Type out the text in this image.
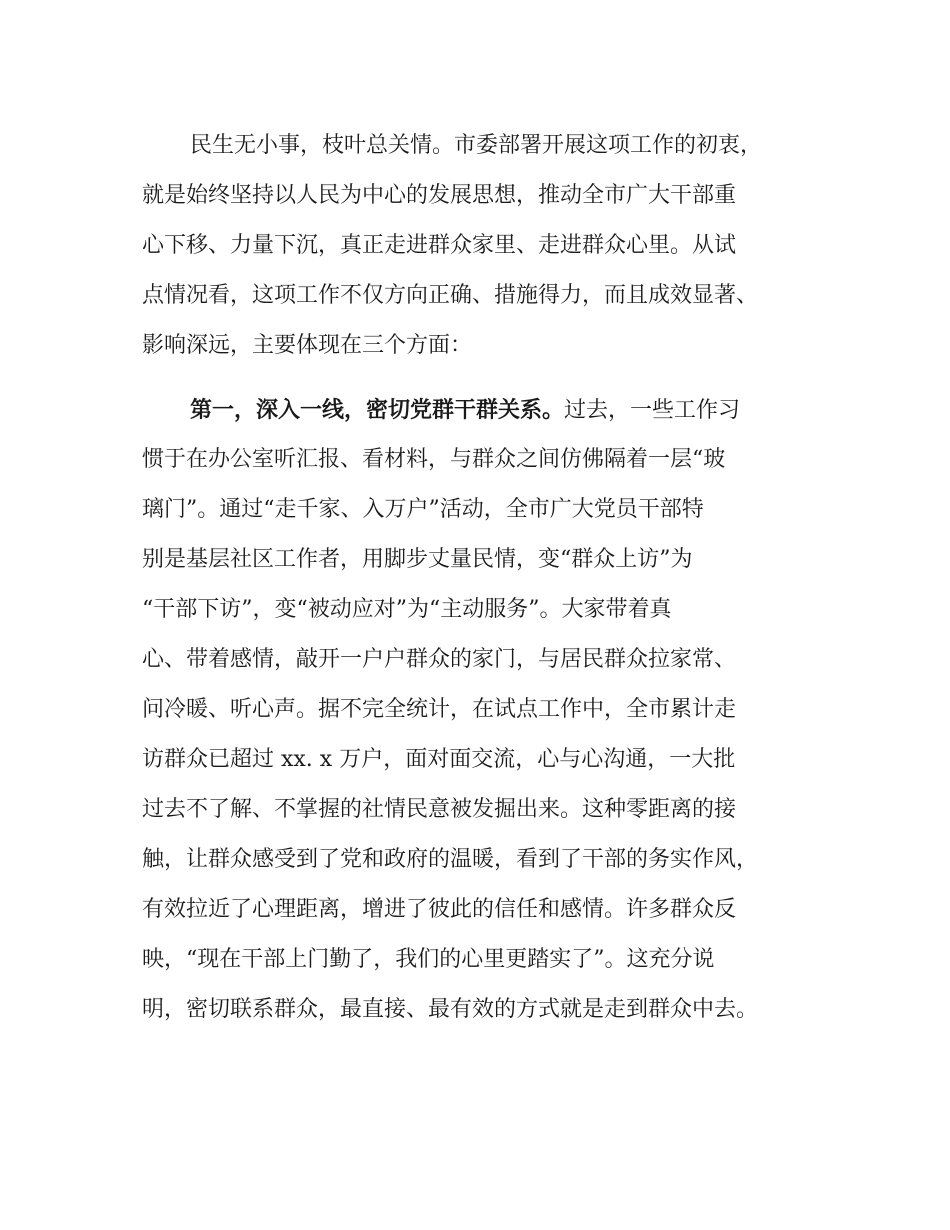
民生无小事，枝叶总关情。市委部署开展这项工作的初衷，
就是始终坚持以人民为中心的发展思想，推动全市广大干部重
心下移、力量下沉，真正走进群众家里、走进群众心里。从试
点情况看，这项工作不仅方向正确、措施得力，而且成效显著、
影响深远，主要体现在三个方面：
第一，深入一线，密切党群干群关系。过去，一些工作习
惯于在办公室听汇报、看材料，与群众之间仿佛隔着一层“玻
璃门”。通过“走千家、入万户”活动，全市广大党员干部特
别是基层社区工作者，用脚步丈量民情，变“群众上访”为
“干部下访”，变“被动应对”为“主动服务”。大家带着真
心、带着感情，敲开一户户群众的家门，与居民群众拉家常、
问冷暖、听心声。据不完全统计，在试点工作中，全市累计走
访群众已超过 xx. x 万户，面对面交流，心与心沟通，一大批
过去不了解、不掌握的社情民意被发掘出来。这种零距离的接
触，让群众感受到了党和政府的温暖，看到了干部的务实作风，
有效拉近了心理距离，增进了彼此的信任和感情。许多群众反
映，“现在干部上门勤了，我们的心里更踏实了”。这充分说
明，密切联系群众，最直接、最有效的方式就是走到群众中去。
